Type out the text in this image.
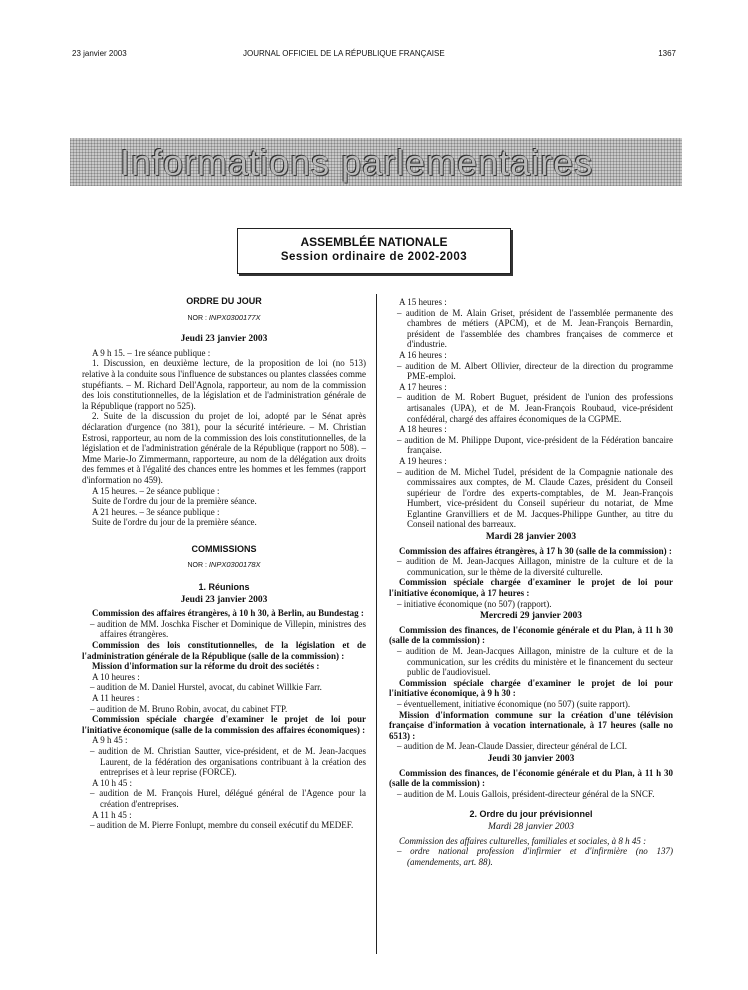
23 janvier 2003	JOURNAL OFFICIEL DE LA RÉPUBLIQUE FRANÇAISE	1367
Informations parlementaires
ASSEMBLÉE NATIONALE
Session ordinaire de 2002-2003
ORDRE DU JOUR
NOR : INPX0300177X
Jeudi 23 janvier 2003

A 9 h 15. – 1re séance publique :

1. Discussion, en deuxième lecture, de la proposition de loi (no 513) relative à la conduite sous l'influence de substances ou plantes classées comme stupéfiants. – M. Richard Dell'Agnola, rapporteur, au nom de la commission des lois constitutionnelles, de la législation et de l'administration générale de la République (rapport no 525).

2. Suite de la discussion du projet de loi, adopté par le Sénat après déclaration d'urgence (no 381), pour la sécurité intérieure. – M. Christian Estrosi, rapporteur, au nom de la commission des lois constitutionnelles, de la législation et de l'administration générale de la République (rapport no 508). – Mme Marie-Jo Zimmermann, rapporteure, au nom de la délégation aux droits des femmes et à l'égalité des chances entre les hommes et les femmes (rapport d'information no 459).

A 15 heures. – 2e séance publique :

Suite de l'ordre du jour de la première séance.

A 21 heures. – 3e séance publique :

Suite de l'ordre du jour de la première séance.

COMMISSIONS
NOR : INPX0300178X
1. Réunions
Jeudi 23 janvier 2003

Commission des affaires étrangères, à 10 h 30, à Berlin, au Bundestag :

– audition de MM. Joschka Fischer et Dominique de Villepin, ministres des affaires étrangères.

Commission des lois constitutionnelles, de la législation et de l'administration générale de la République (salle de la commission) :

Mission d'information sur la réforme du droit des sociétés :

A 10 heures :

– audition de M. Daniel Hurstel, avocat, du cabinet Willkie Farr.

A 11 heures :

– audition de M. Bruno Robin, avocat, du cabinet FTP.

Commission spéciale chargée d'examiner le projet de loi pour l'initiative économique (salle de la commission des affaires économiques) :

A 9 h 45 :

– audition de M. Christian Sautter, vice-président, et de M. Jean-Jacques Laurent, de la fédération des organisations contribuant à la création des entreprises et à leur reprise (FORCE).

A 10 h 45 :

– audition de M. François Hurel, délégué général de l'Agence pour la création d'entreprises.

A 11 h 45 :

– audition de M. Pierre Fonlupt, membre du conseil exécutif du MEDEF.

A 15 heures :

– audition de M. Alain Griset, président de l'assemblée permanente des chambres de métiers (APCM), et de M. Jean-François Bernardin, président de l'assemblée des chambres françaises de commerce et d'industrie.

A 16 heures :

– audition de M. Albert Ollivier, directeur de la direction du programme PME-emploi.

A 17 heures :

– audition de M. Robert Buguet, président de l'union des professions artisanales (UPA), et de M. Jean-François Roubaud, vice-président confédéral, chargé des affaires économiques de la CGPME.

A 18 heures :

– audition de M. Philippe Dupont, vice-président de la Fédération bancaire française.

A 19 heures :

– audition de M. Michel Tudel, président de la Compagnie nationale des commissaires aux comptes, de M. Claude Cazes, président du Conseil supérieur de l'ordre des experts-comptables, de M. Jean-François Humbert, vice-président du Conseil supérieur du notariat, de Mme Eglantine Granvilliers et de M. Jacques-Philippe Gunther, au titre du Conseil national des barreaux.

Mardi 28 janvier 2003

Commission des affaires étrangères, à 17 h 30 (salle de la commission) :

– audition de M. Jean-Jacques Aillagon, ministre de la culture et de la communication, sur le thème de la diversité culturelle.

Commission spéciale chargée d'examiner le projet de loi pour l'initiative économique, à 17 heures :

– initiative économique (no 507) (rapport).

Mercredi 29 janvier 2003

Commission des finances, de l'économie générale et du Plan, à 11 h 30 (salle de la commission) :

– audition de M. Jean-Jacques Aillagon, ministre de la culture et de la communication, sur les crédits du ministère et le financement du secteur public de l'audiovisuel.

Commission spéciale chargée d'examiner le projet de loi pour l'initiative économique, à 9 h 30 :

– éventuellement, initiative économique (no 507) (suite rapport).

Mission d'information commune sur la création d'une télévision française d'information à vocation internationale, à 17 heures (salle no 6513) :

– audition de M. Jean-Claude Dassier, directeur général de LCI.

Jeudi 30 janvier 2003

Commission des finances, de l'économie générale et du Plan, à 11 h 30 (salle de la commission) :

– audition de M. Louis Gallois, président-directeur général de la SNCF.

2. Ordre du jour prévisionnel
Mardi 28 janvier 2003

Commission des affaires culturelles, familiales et sociales, à 8 h 45 :

– ordre national profession d'infirmier et d'infirmière (no 137) (amendements, art. 88).
